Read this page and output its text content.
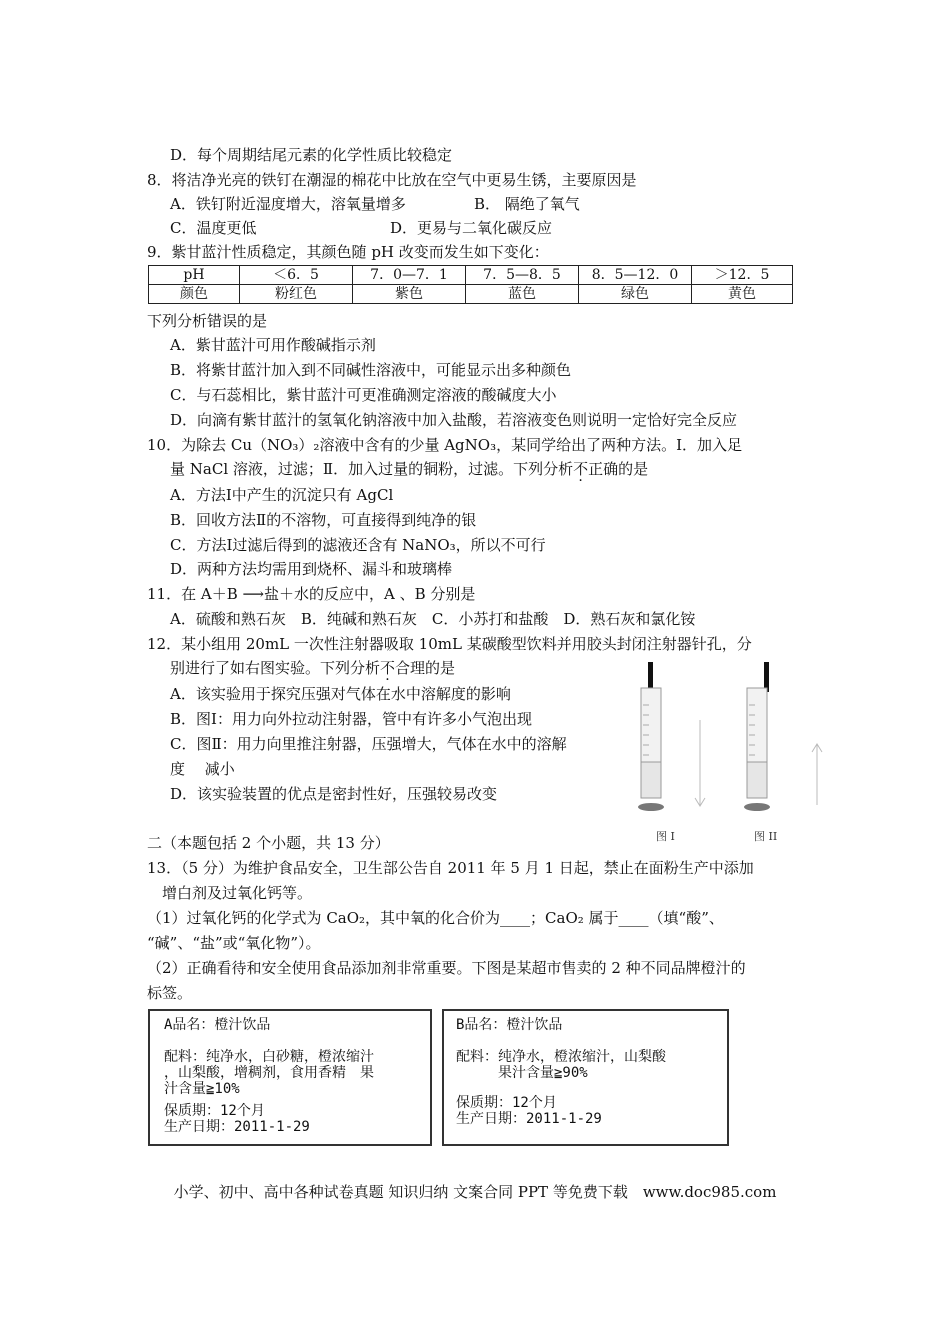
D．每个周期结尾元素的化学性质比较稳定
8．将洁净光亮的铁钉在潮湿的棉花中比放在空气中更易生锈，主要原因是
A．铁钉附近湿度增大，溶氧量增多	B． 隔绝了氧气
C．温度更低	D．更易与二氧化碳反应
9．紫甘蓝汁性质稳定，其颜色随 pH 改变而发生如下变化：
pH	＜6．5	7．0—7．1	7．5—8．5	8．5—12．0	＞12．5
颜色	粉红色	紫色	蓝色	绿色	黄色
下列分析错误的是
A．紫甘蓝汁可用作酸碱指示剂
B．将紫甘蓝汁加入到不同碱性溶液中，可能显示出多种颜色
C．与石蕊相比，紫甘蓝汁可更准确测定溶液的酸碱度大小
D．向滴有紫甘蓝汁的氢氧化钠溶液中加入盐酸，若溶液变色则说明一定恰好完全反应
10．为除去 Cu（NO₃）₂溶液中含有的少量 AgNO₃，某同学给出了两种方法。Ⅰ．加入足
量 NaCl 溶液，过滤；Ⅱ．加入过量的铜粉，过滤。下列分析不正确的是
A．方法Ⅰ中产生的沉淀只有 AgCl
B．回收方法Ⅱ的不溶物，可直接得到纯净的银
C．方法Ⅰ过滤后得到的滤液还含有 NaNO₃，所以不可行
D．两种方法均需用到烧杯、漏斗和玻璃棒
11．在 A＋B ⟶盐＋水的反应中，A 、B 分别是
A．硫酸和熟石灰　B．纯碱和熟石灰　C．小苏打和盐酸　D．熟石灰和氯化铵
12．某小组用 20mL 一次性注射器吸取 10mL 某碳酸型饮料并用胶头封闭注射器针孔，分
别进行了如右图实验。下列分析不合理的是
A．该实验用于探究压强对气体在水中溶解度的影响
B．图Ⅰ：用力向外拉动注射器，管中有许多小气泡出现
C．图Ⅱ：用力向里推注射器，压强增大，气体在水中的溶解
度　 减小
D．该实验装置的优点是密封性好，压强较易改变
图 I	图 II
二（本题包括 2 个小题，共 13 分）
13．（5 分）为维护食品安全，卫生部公告自 2011 年 5 月 1 日起，禁止在面粉生产中添加
增白剂及过氧化钙等。
（1）过氧化钙的化学式为 CaO₂，其中氧的化合价为____；CaO₂ 属于____（填“酸”、
“碱”、“盐”或“氧化物”）。
（2）正确看待和安全使用食品添加剂非常重要。下图是某超市售卖的 2 种不同品牌橙汁的
标签。
A品名：橙汁饮品
配料：纯净水，白砂糖，橙浓缩汁
，山梨酸，增稠剂，食用香精　果
汁含量≧10%
保质期：12个月
生产日期：2011-1-29
B品名：橙汁饮品
配料：纯净水，橙浓缩汁，山梨酸
　　　果汁含量≧90%
保质期：12个月
生产日期：2011-1-29
小学、初中、高中各种试卷真题 知识归纳 文案合同 PPT 等免费下载　www.doc985.com
